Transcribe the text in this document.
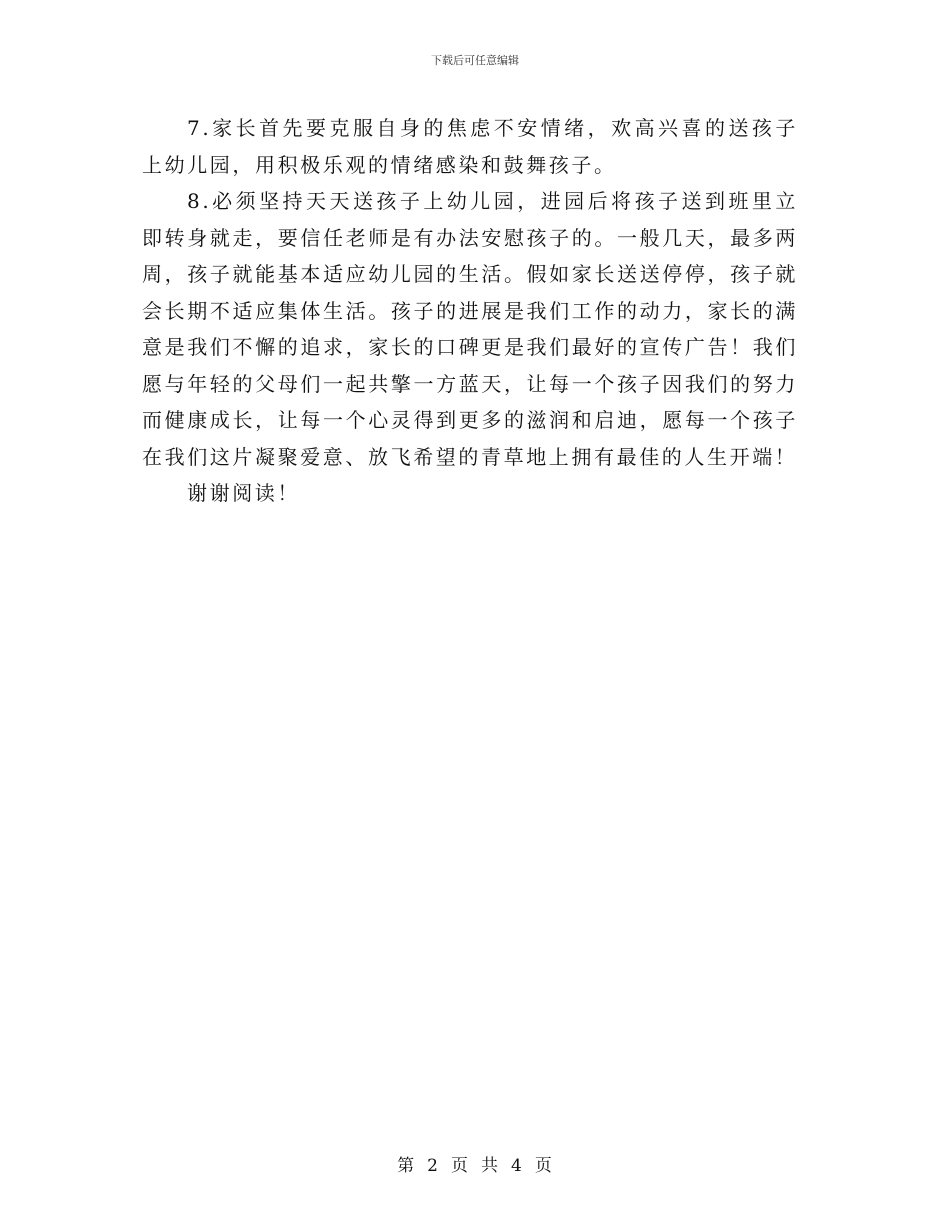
下载后可任意编辑

7.家长首先要克服自身的焦虑不安情绪，欢高兴喜的送孩子上幼儿园，用积极乐观的情绪感染和鼓舞孩子。

8.必须坚持天天送孩子上幼儿园，进园后将孩子送到班里立即转身就走，要信任老师是有办法安慰孩子的。一般几天，最多两周，孩子就能基本适应幼儿园的生活。假如家长送送停停，孩子就会长期不适应集体生活。孩子的进展是我们工作的动力，家长的满意是我们不懈的追求，家长的口碑更是我们最好的宣传广告！我们愿与年轻的父母们一起共擎一方蓝天，让每一个孩子因我们的努力而健康成长，让每一个心灵得到更多的滋润和启迪，愿每一个孩子在我们这片凝聚爱意、放飞希望的青草地上拥有最佳的人生开端！

谢谢阅读！

第 2 页 共 4 页
